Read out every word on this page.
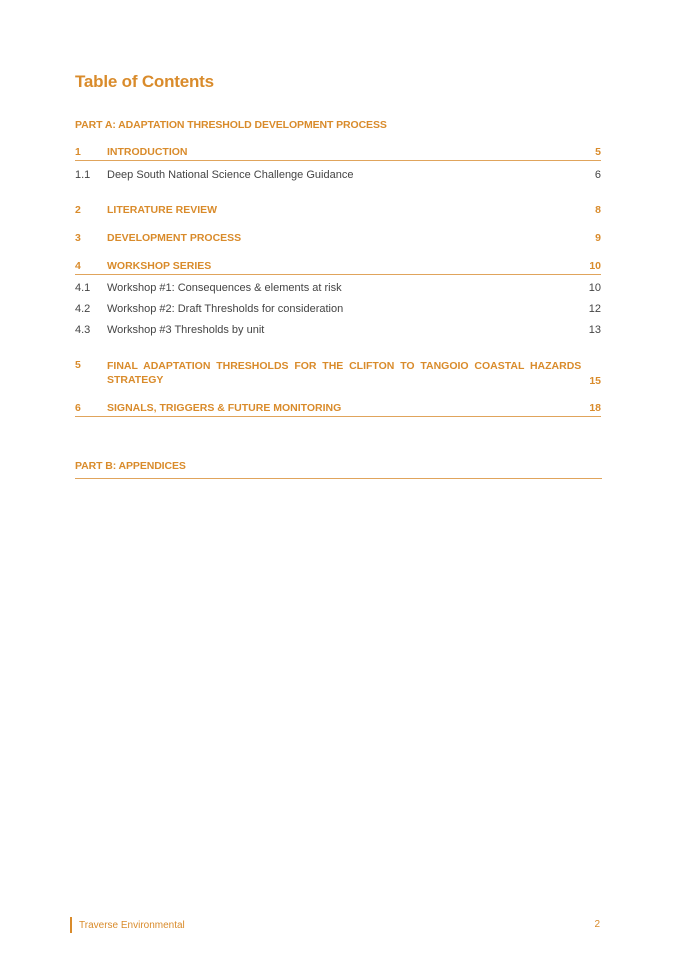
Table of Contents
PART A: ADAPTATION THRESHOLD DEVELOPMENT PROCESS
1	INTRODUCTION	5
1.1	Deep South National Science Challenge Guidance	6
2	LITERATURE REVIEW	8
3	DEVELOPMENT PROCESS	9
4	WORKSHOP SERIES	10
4.1	Workshop #1: Consequences & elements at risk	10
4.2	Workshop #2: Draft Thresholds for consideration	12
4.3	Workshop #3 Thresholds by unit	13
5	FINAL ADAPTATION THRESHOLDS FOR THE CLIFTON TO TANGOIO COASTAL HAZARDS STRATEGY	15
6	SIGNALS, TRIGGERS & FUTURE MONITORING	18
PART B: APPENDICES
Traverse Environmental	2
